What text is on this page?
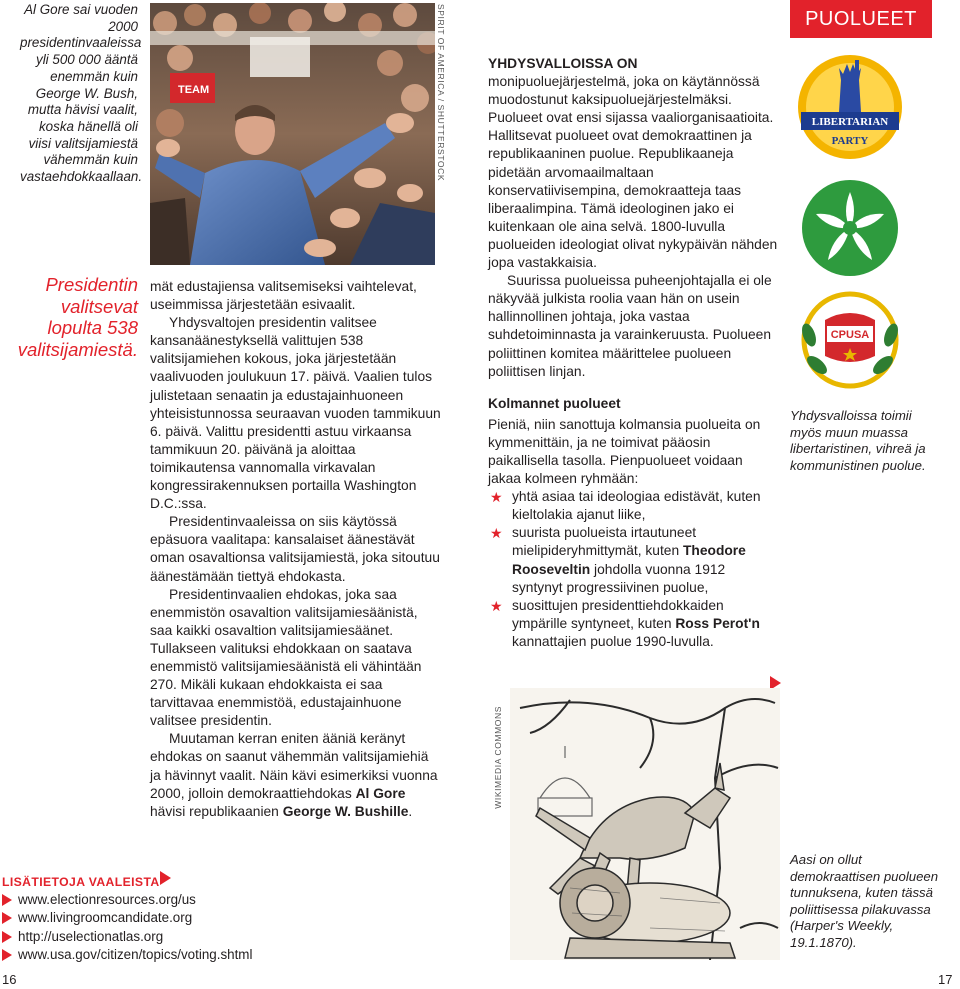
Al Gore sai vuoden 2000 presidentinvaaleissa yli 500 000 ääntä enemmän kuin George W. Bush, mutta hävisi vaalit, koska hänellä oli viisi valitsijamiestä vähemmän kuin vastaehdokkaallaan.
Presidentin valitsevat lopulta 538 valitsijamiestä.
TEAM	SPIRIT OF AMERICA / SHUTTERSTOCK

mät edustajiensa valitsemiseksi vaihtelevat, useimmissa järjestetään esivaalit.

Yhdysvaltojen presidentin valitsee kansanäänestyksellä valittujen 538 valitsijamiehen kokous, joka järjestetään vaalivuoden joulukuun 17. päivä. Vaalien tulos julistetaan senaatin ja edustajainhuoneen yhteisistunnossa seuraavan vuoden tammikuun 6. päivä. Valittu presidentti astuu virkaansa tammikuun 20. päivänä ja aloittaa toimikautensa vannomalla virkavalan kongressirakennuksen portailla Washington D.C.:ssa.

Presidentinvaaleissa on siis käytössä epäsuora vaalitapa: kansalaiset äänestävät oman osavaltionsa valitsijamiestä, joka sitoutuu äänestämään tiettyä ehdokasta.

Presidentinvaalien ehdokas, joka saa enemmistön osavaltion valitsijamiesäänistä, saa kaikki osavaltion valitsijamiesäänet. Tullakseen valituksi ehdokkaan on saatava enemmistö valitsijamiesäänistä eli vähintään 270. Mikäli kukaan ehdokkaista ei saa tarvittavaa enemmistöä, edustajainhuone valitsee presidentin.

Muutaman kerran eniten ääniä keränyt ehdokas on saanut vähemmän valitsijamiehiä ja hävinnyt vaalit. Näin kävi esimerkiksi vuonna 2000, jolloin demokraattiehdokas Al Gore hävisi republikaanien George W. Bushille.

YHDYSVALLOISSA ON monipuoluejärjestelmä, joka on käytännössä muodostunut kaksipuoluejärjestelmäksi. Puolueet ovat ensi sijassa vaaliorganisaatioita. Hallitsevat puolueet ovat demokraattinen ja republikaaninen puolue. Republikaaneja pidetään arvomaailmaltaan konservatiivisempina, demokraatteja taas liberaalimpina. Tämä ideologinen jako ei kuitenkaan ole aina selvä. 1800-luvulla puolueiden ideologiat olivat nykypäivän nähden jopa vastakkaisia.

Suurissa puolueissa puheenjohtajalla ei ole näkyvää julkista roolia vaan hän on usein hallinnollinen johtaja, joka vastaa suhdetoiminnasta ja varainkeruusta. Puolueen poliittinen komitea määrittelee puolueen poliittisen linjan.

Kolmannet puolueet

Pieniä, niin sanottuja kolmansia puolueita on kymmenittäin, ja ne toimivat pääosin paikallisella tasolla. Pienpuolueet voidaan jakaa kolmeen ryhmään:

★ yhtä asiaa tai ideologiaa edistävät, kuten kieltolakia ajanut liike,
★ suurista puolueista irtautuneet mielipideryhmittymät, kuten Theodore Rooseveltin johdolla vuonna 1912 syntynyt progressiivinen puolue,
★ suosittujen presidenttiehdokkaiden ympärille syntyneet, kuten Ross Perot'n kannattajien puolue 1990-luvulla.
PUOLUEET
LIBERTARIAN
PARTY
CPUSA
Yhdysvalloissa toimii myös muun muassa libertaristinen, vihreä ja kommunistinen puolue.
Aasi on ollut demokraattisen puolueen tunnuksena, kuten tässä poliittisessa pilakuvassa (Harper's Weekly, 19.1.1870).
WIKIMEDIA COMMONS
LISÄTIETOJA VAALEISTA
www.electionresources.org/us
www.livingroomcandidate.org
http://uselectionatlas.org
www.usa.gov/citizen/topics/voting.shtml
16	17
